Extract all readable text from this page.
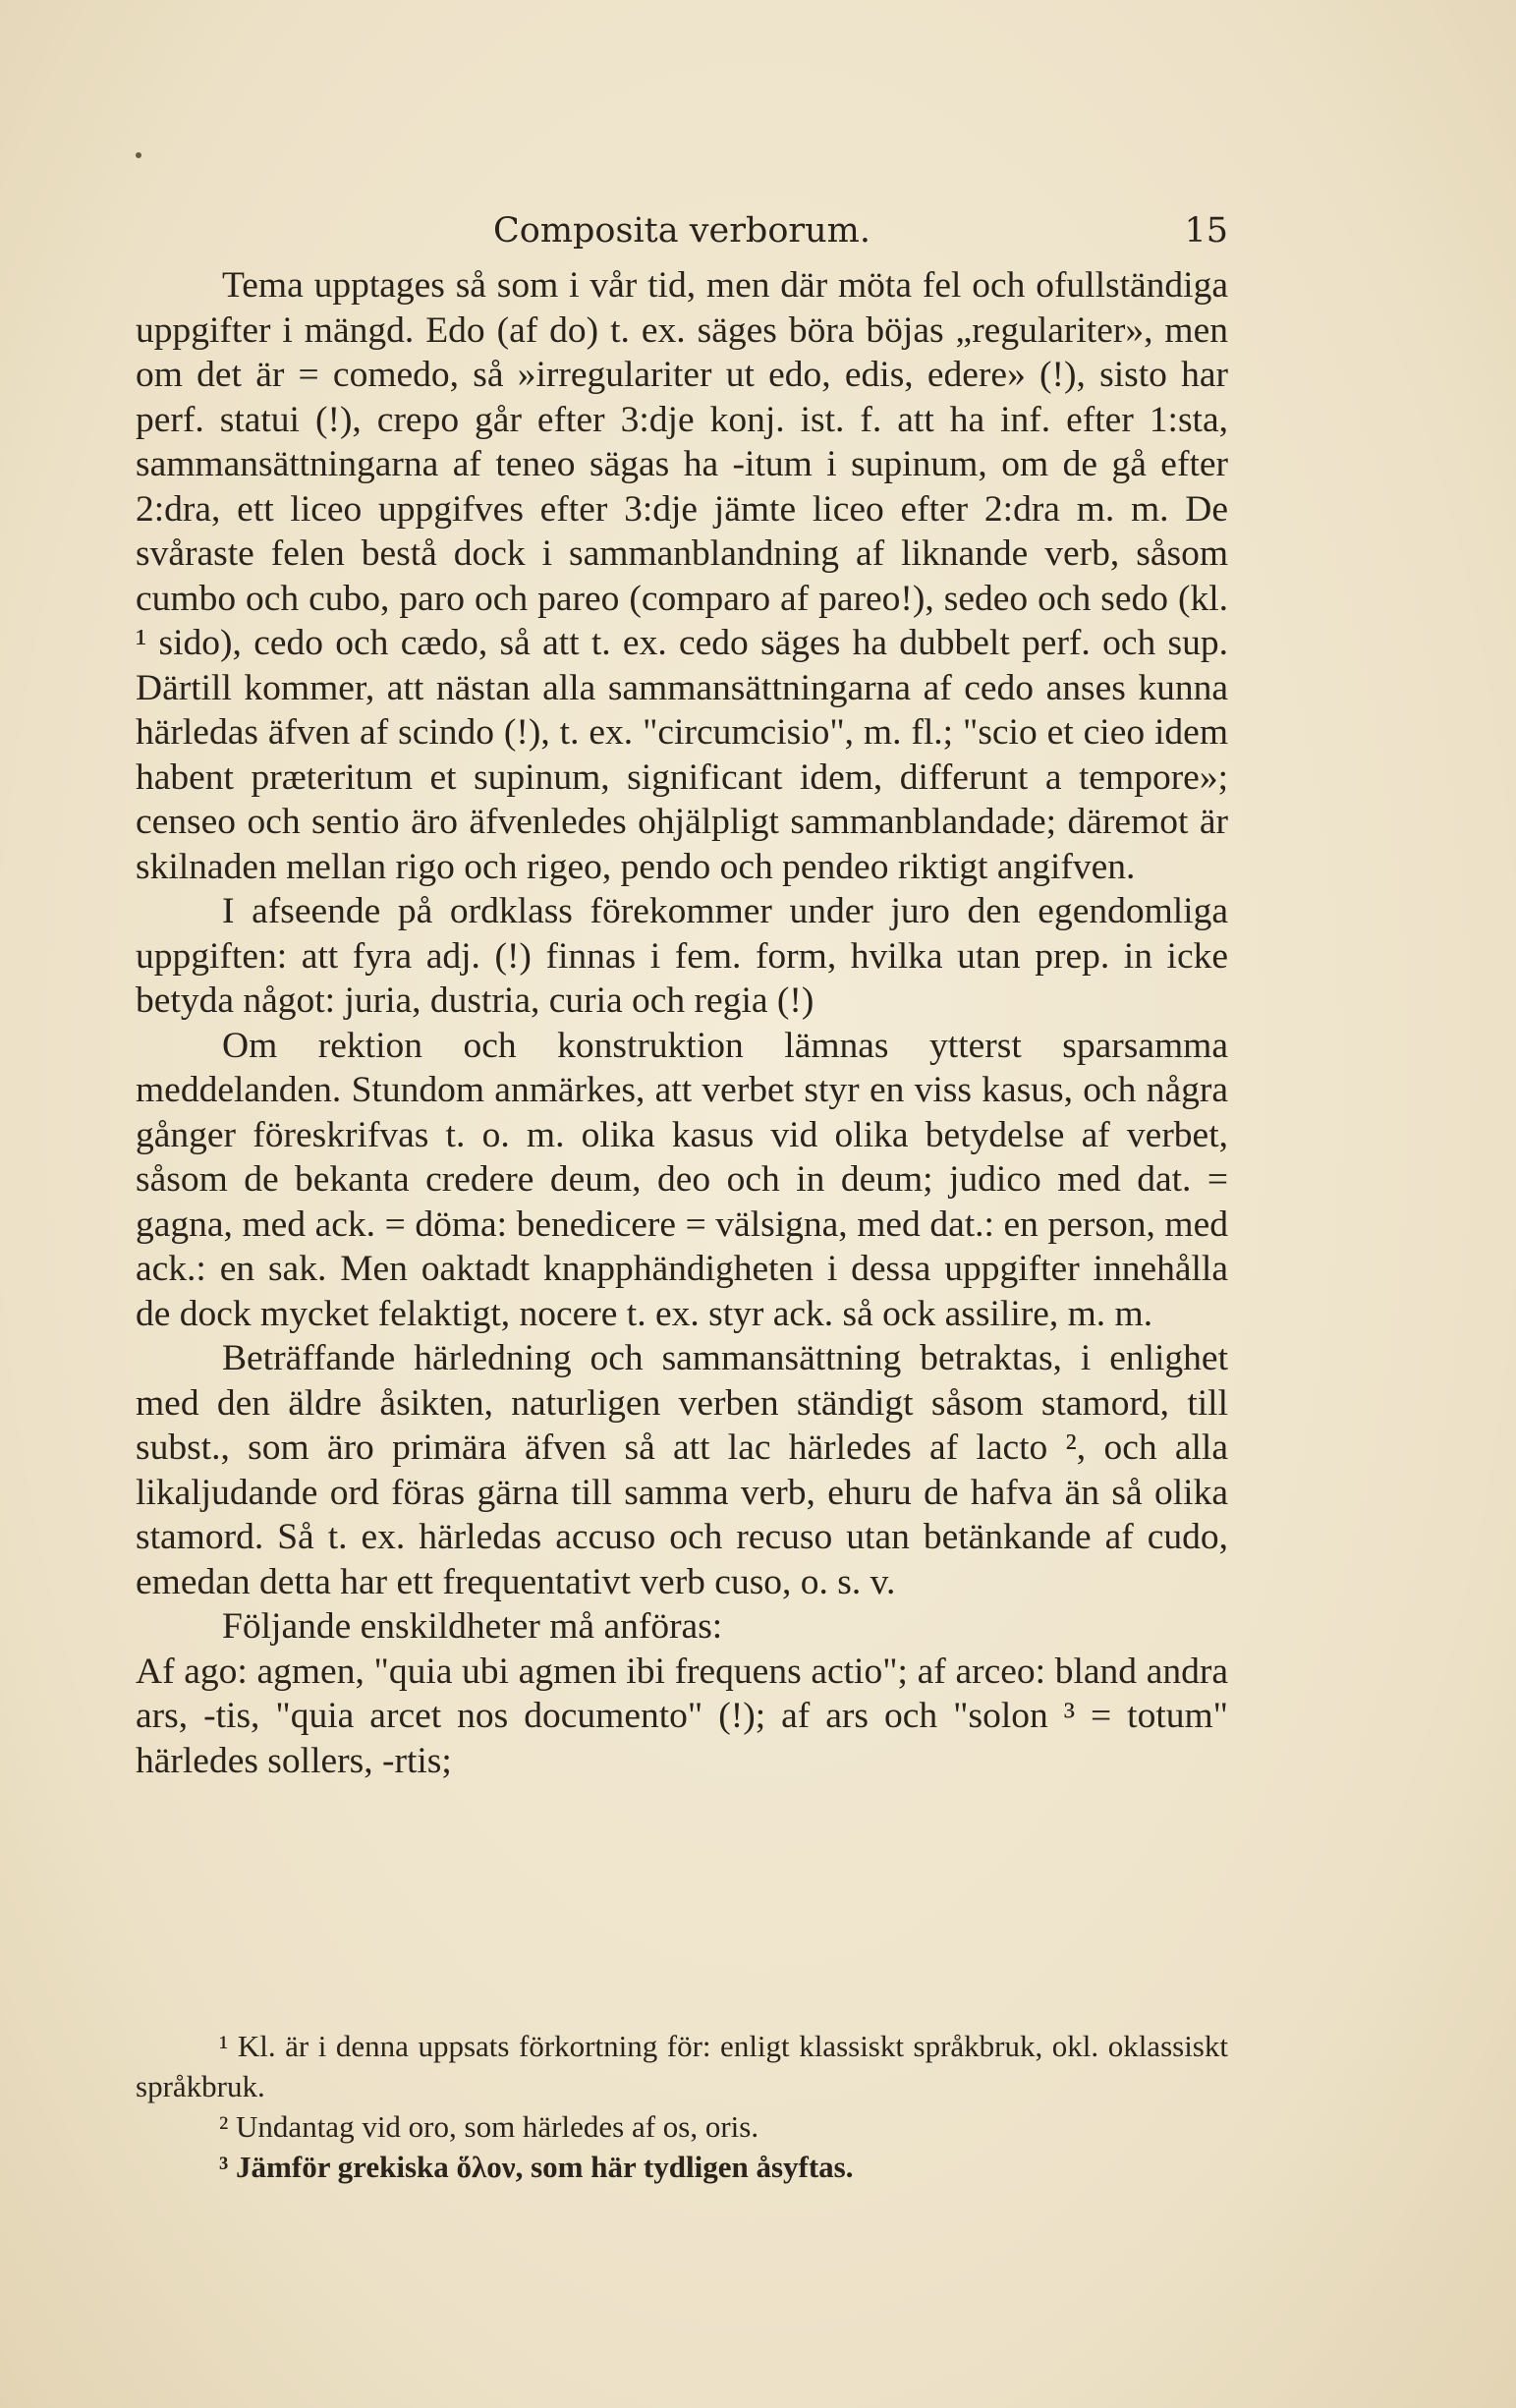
Composita verborum.	15

Tema upptages så som i vår tid, men där möta fel och ofullständiga uppgifter i mängd. Edo (af do) t. ex. säges böra böjas „regulariter», men om det är = comedo, så »irregulariter ut edo, edis, edere» (!), sisto har perf. statui (!), crepo går efter 3:dje konj. ist. f. att ha inf. efter 1:sta, sammansättningarna af teneo sägas ha -itum i supinum, om de gå efter 2:dra, ett liceo uppgifves efter 3:dje jämte liceo efter 2:dra m. m. De svåraste felen bestå dock i sammanblandning af liknande verb, såsom cumbo och cubo, paro och pareo (comparo af pareo!), sedeo och sedo (kl. ¹ sido), cedo och cædo, så att t. ex. cedo säges ha dubbelt perf. och sup. Därtill kommer, att nästan alla sammansättningarna af cedo anses kunna härledas äfven af scindo (!), t. ex. "circumcisio", m. fl.; "scio et cieo idem habent præteritum et supinum, significant idem, differunt a tempore»; censeo och sentio äro äfvenledes ohjälpligt sammanblandade; däremot är skilnaden mellan rigo och rigeo, pendo och pendeo riktigt angifven.

I afseende på ordklass förekommer under juro den egendomliga uppgiften: att fyra adj. (!) finnas i fem. form, hvilka utan prep. in icke betyda något: juria, dustria, curia och regia (!)

Om rektion och konstruktion lämnas ytterst sparsamma meddelanden. Stundom anmärkes, att verbet styr en viss kasus, och några gånger föreskrifvas t. o. m. olika kasus vid olika betydelse af verbet, såsom de bekanta credere deum, deo och in deum; judico med dat. = gagna, med ack. = döma: benedicere = välsigna, med dat.: en person, med ack.: en sak. Men oaktadt knapphändigheten i dessa uppgifter innehålla de dock mycket felaktigt, nocere t. ex. styr ack. så ock assilire, m. m.

Beträffande härledning och sammansättning betraktas, i enlighet med den äldre åsikten, naturligen verben ständigt såsom stamord, till subst., som äro primära äfven så att lac härledes af lacto ², och alla likaljudande ord föras gärna till samma verb, ehuru de hafva än så olika stamord. Så t. ex. härledas accuso och recuso utan betänkande af cudo, emedan detta har ett frequentativt verb cuso, o. s. v.

Följande enskildheter må anföras:

Af ago: agmen, "quia ubi agmen ibi frequens actio"; af arceo: bland andra ars, -tis, "quia arcet nos documento" (!); af ars och "solon ³ = totum" härledes sollers, -rtis;

¹ Kl. är i denna uppsats förkortning för: enligt klassiskt språkbruk, okl. oklassiskt språkbruk.

² Undantag vid oro, som härledes af os, oris.

³ Jämför grekiska ὅλον, som här tydligen åsyftas.
